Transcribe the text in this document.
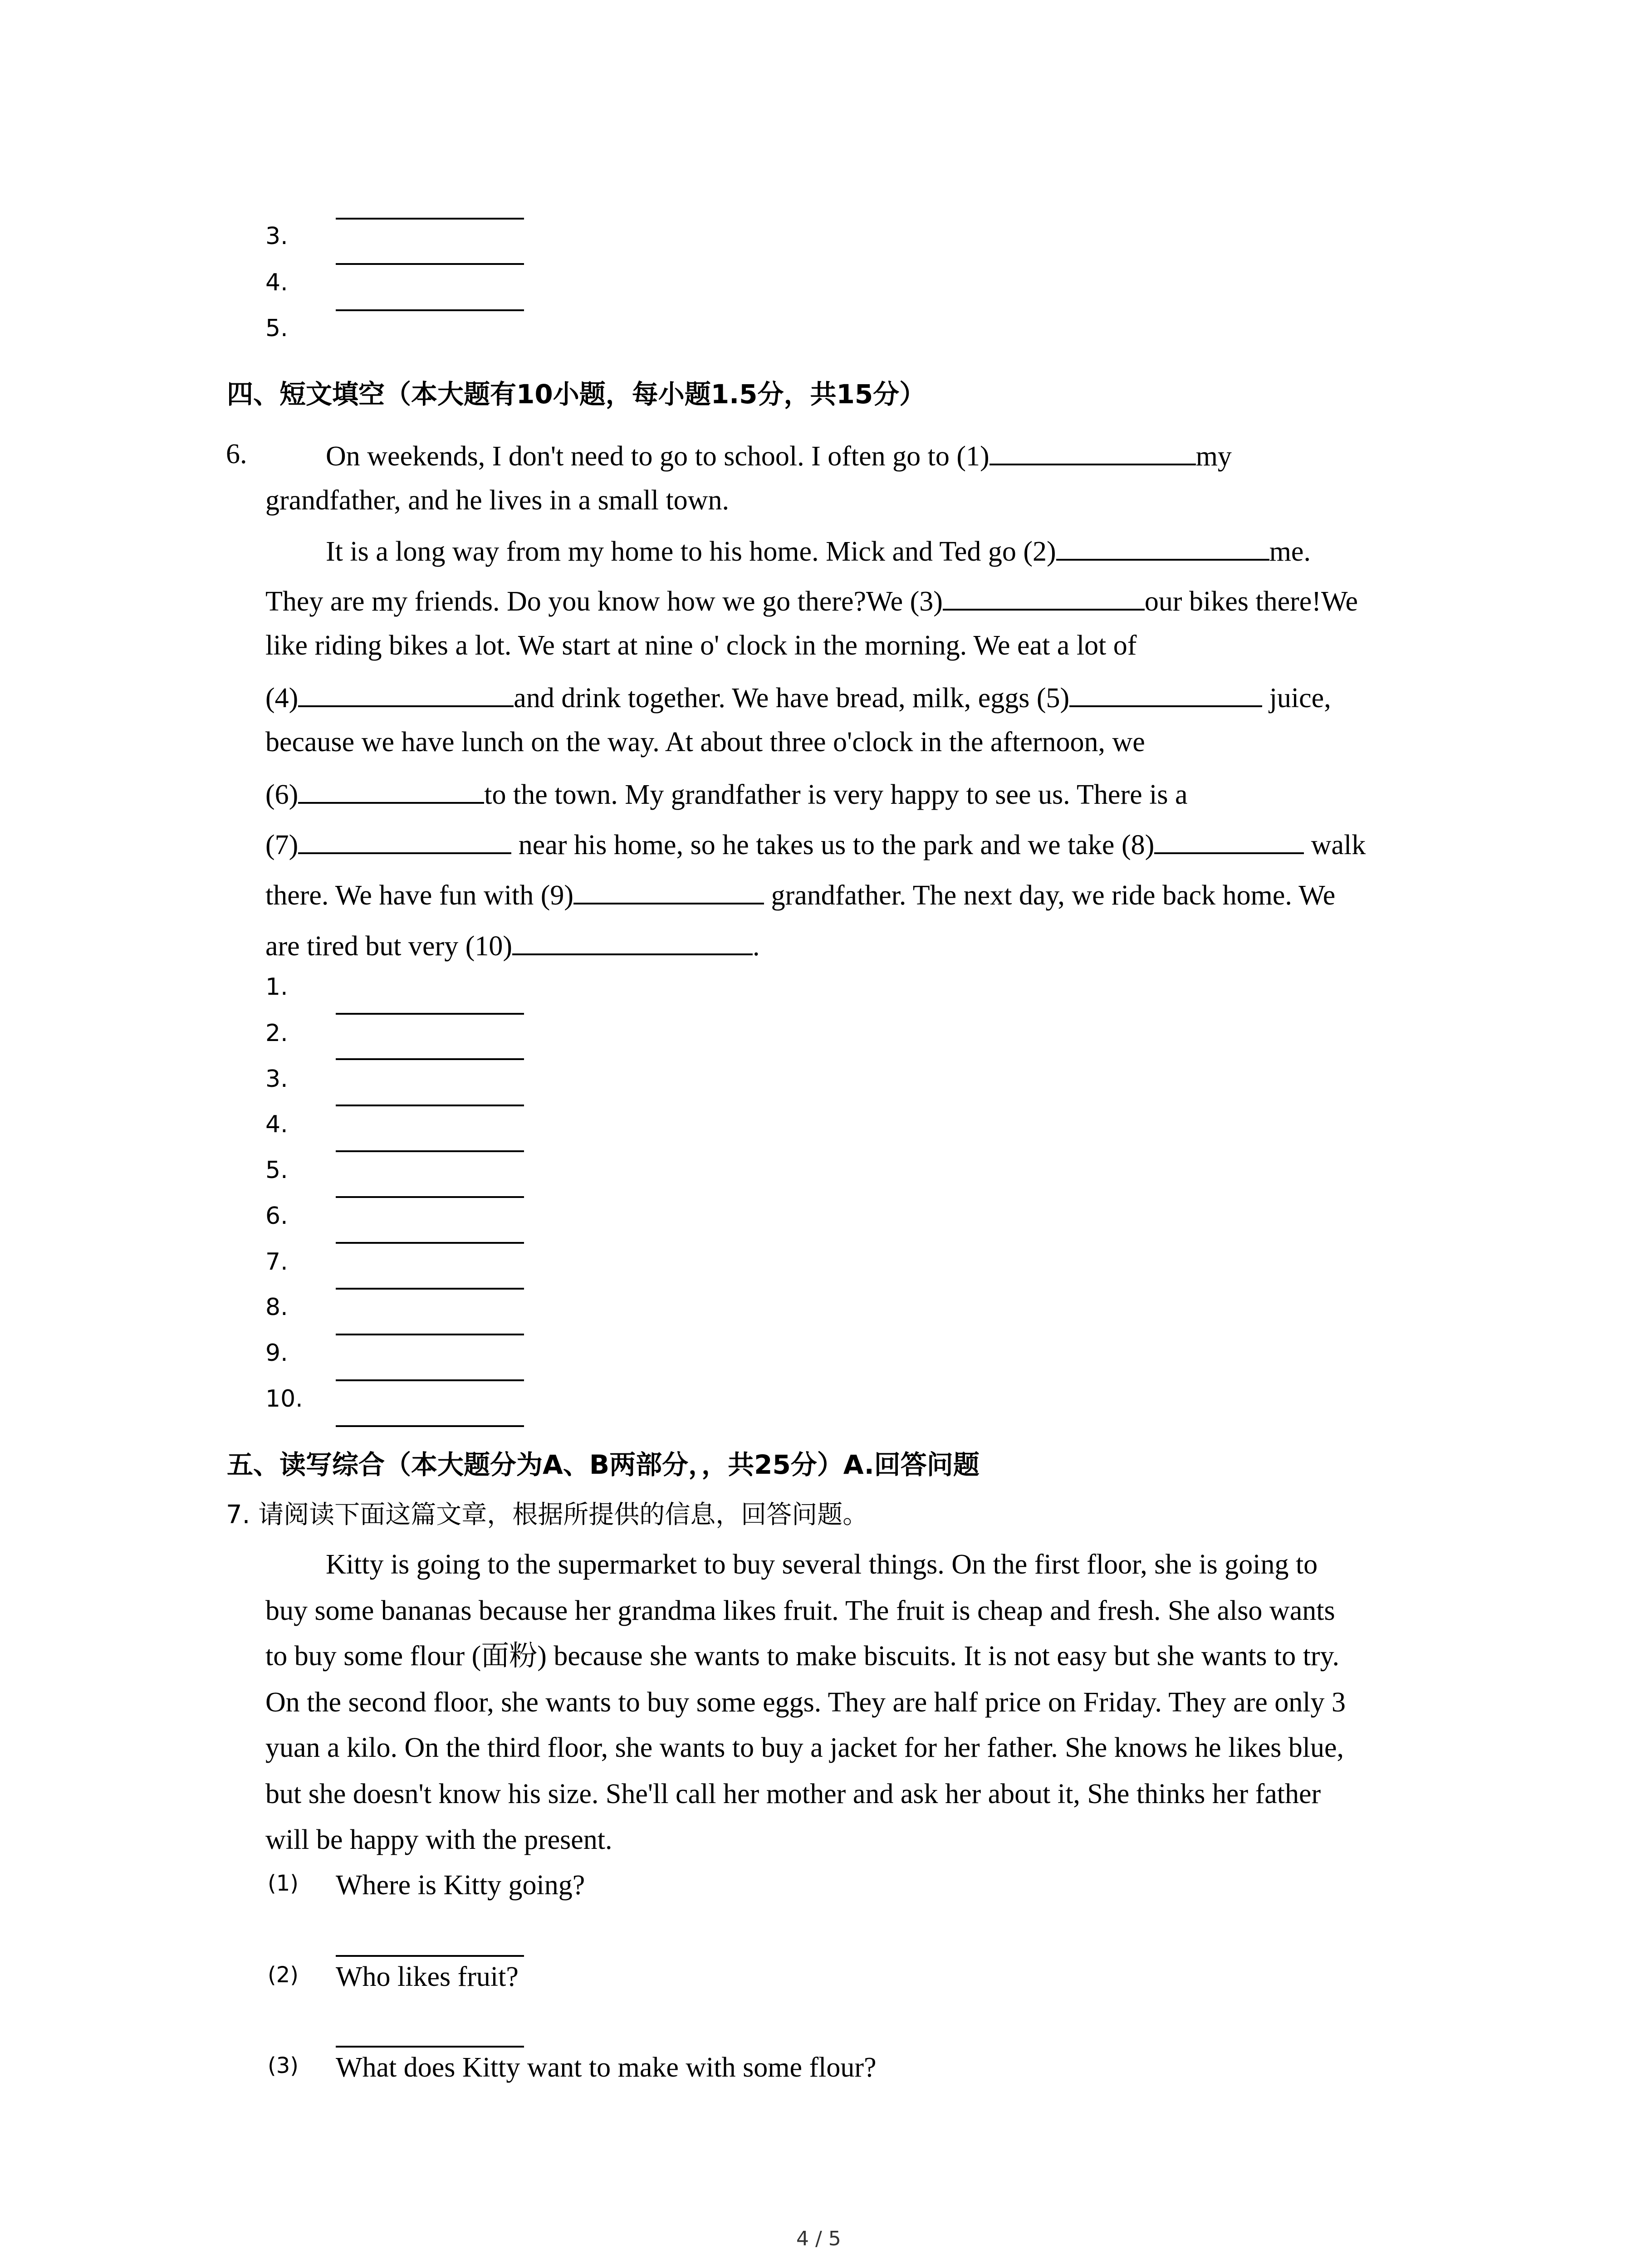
3.
4.
5.
四、短文填空（本大题有10小题，每小题1.5分，共15分）
6.	On weekends, I don't need to go to school. I often go to (1)	my
grandfather, and he lives in a small town.
It is a long way from my home to his home. Mick and Ted go (2)	me.
They are my friends. Do you know how we go there?We (3)	our bikes there!We
like riding bikes a lot. We start at nine o' clock in the morning. We eat a lot of
(4)	and drink together. We have bread, milk, eggs (5)	juice,
because we have lunch on the way. At about three o'clock in the afternoon, we
(6)	to the town. My grandfather is very happy to see us. There is a
(7)	near his home, so he takes us to the park and we take (8)	walk
there. We have fun with (9)	grandfather. The next day, we ride back home. We
are tired but very (10)	.
1.
2.
3.
4.
5.
6.
7.
8.
9.
10.
五、读写综合（本大题分为A、B两部分，，共25分）A.回答问题
7. 请阅读下面这篇文章，根据所提供的信息，回答问题。
Kitty is going to the supermarket to buy several things. On the first floor, she is going to
buy some bananas because her grandma likes fruit. The fruit is cheap and fresh. She also wants
to buy some flour (面粉) because she wants to make biscuits. It is not easy but she wants to try.
On the second floor, she wants to buy some eggs. They are half price on Friday. They are only 3
yuan a kilo. On the third floor, she wants to buy a jacket for her father. She knows he likes blue,
but she doesn't know his size. She'll call her mother and ask her about it, She thinks her father
will be happy with the present.
(1) Where is Kitty going?
(2) Who likes fruit?
(3) What does Kitty want to make with some flour?
4 / 5
